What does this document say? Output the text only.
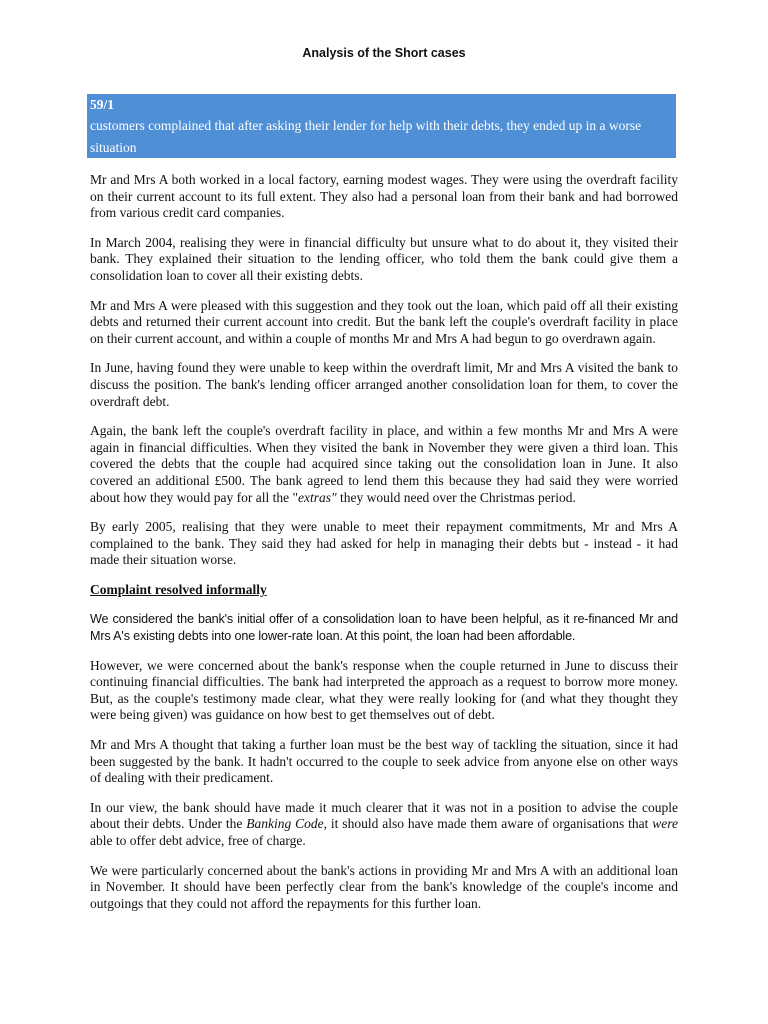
Analysis of the Short cases
59/1
customers complained that after asking their lender for help with their debts, they ended up in a worse situation

Mr and Mrs A both worked in a local factory, earning modest wages. They were using the overdraft facility on their current account to its full extent. They also had a personal loan from their bank and had borrowed from various credit card companies.

In March 2004, realising they were in financial difficulty but unsure what to do about it, they visited their bank. They explained their situation to the lending officer, who told them the bank could give them a consolidation loan to cover all their existing debts.

Mr and Mrs A were pleased with this suggestion and they took out the loan, which paid off all their existing debts and returned their current account into credit. But the bank left the couple's overdraft facility in place on their current account, and within a couple of months Mr and Mrs A had begun to go overdrawn again.

In June, having found they were unable to keep within the overdraft limit, Mr and Mrs A visited the bank to discuss the position. The bank's lending officer arranged another consolidation loan for them, to cover the overdraft debt.

Again, the bank left the couple's overdraft facility in place, and within a few months Mr and Mrs A were again in financial difficulties. When they visited the bank in November they were given a third loan. This covered the debts that the couple had acquired since taking out the consolidation loan in June. It also covered an additional £500. The bank agreed to lend them this because they had said they were worried about how they would pay for all the "extras" they would need over the Christmas period.

By early 2005, realising that they were unable to meet their repayment commitments, Mr and Mrs A complained to the bank. They said they had asked for help in managing their debts but - instead - it had made their situation worse.

Complaint resolved informally

We considered the bank's initial offer of a consolidation loan to have been helpful, as it re-financed Mr and Mrs A's existing debts into one lower-rate loan. At this point, the loan had been affordable.

However, we were concerned about the bank's response when the couple returned in June to discuss their continuing financial difficulties. The bank had interpreted the approach as a request to borrow more money. But, as the couple's testimony made clear, what they were really looking for (and what they thought they were being given) was guidance on how best to get themselves out of debt.

Mr and Mrs A thought that taking a further loan must be the best way of tackling the situation, since it had been suggested by the bank. It hadn't occurred to the couple to seek advice from anyone else on other ways of dealing with their predicament.

In our view, the bank should have made it much clearer that it was not in a position to advise the couple about their debts. Under the Banking Code, it should also have made them aware of organisations that were able to offer debt advice, free of charge.

We were particularly concerned about the bank's actions in providing Mr and Mrs A with an additional loan in November. It should have been perfectly clear from the bank's knowledge of the couple's income and outgoings that they could not afford the repayments for this further loan.
